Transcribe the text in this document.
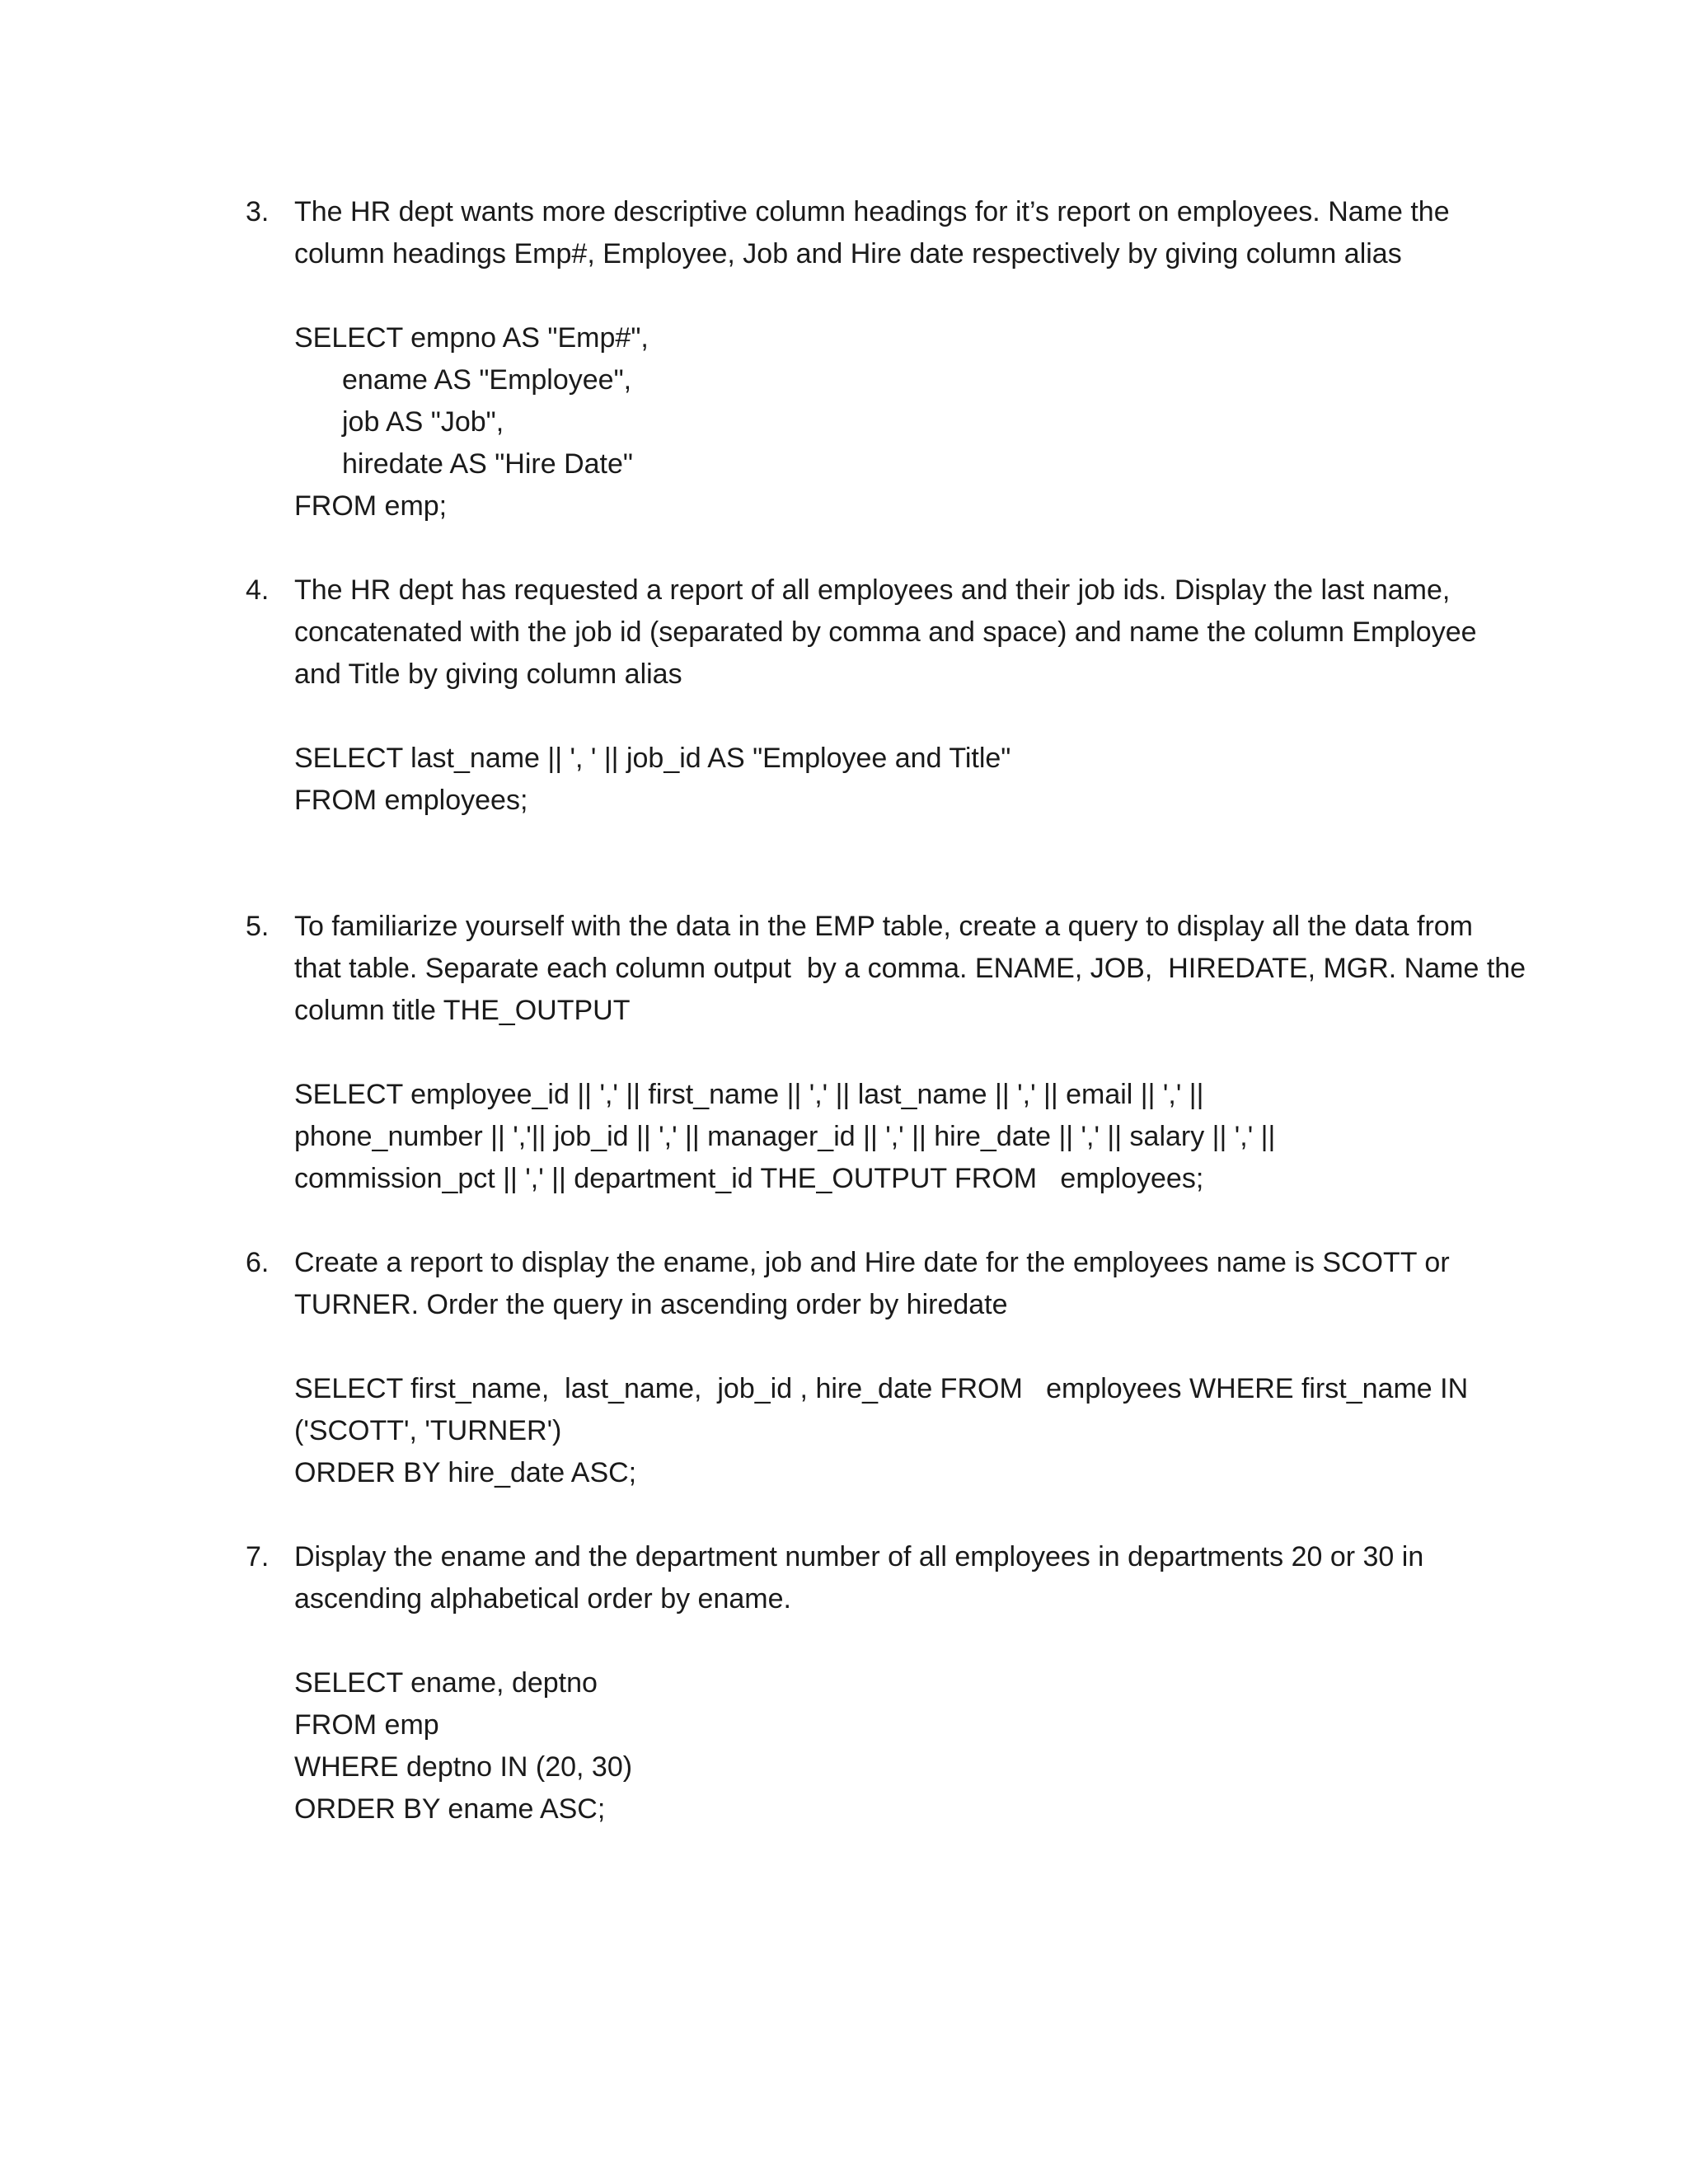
3. The HR dept wants more descriptive column headings for it’s report on employees. Name the
column headings Emp#, Employee, Job and Hire date respectively by giving column alias
SELECT empno AS "Emp#",
ename AS "Employee",
job AS "Job",
hiredate AS "Hire Date"
FROM emp;
4. The HR dept has requested a report of all employees and their job ids. Display the last name,
concatenated with the job id (separated by comma and space) and name the column Employee
and Title by giving column alias
SELECT last_name || ', ' || job_id AS "Employee and Title"
FROM employees;
5. To familiarize yourself with the data in the EMP table, create a query to display all the data from
that table. Separate each column output  by a comma. ENAME, JOB,  HIREDATE, MGR. Name the
column title THE_OUTPUT
SELECT employee_id || ',' || first_name || ',' || last_name || ',' || email || ',' ||
phone_number || ','|| job_id || ',' || manager_id || ',' || hire_date || ',' || salary || ',' ||
commission_pct || ',' || department_id THE_OUTPUT FROM   employees;
6. Create a report to display the ename, job and Hire date for the employees name is SCOTT or
TURNER. Order the query in ascending order by hiredate
SELECT first_name,  last_name,  job_id , hire_date FROM   employees WHERE first_name IN
('SCOTT', 'TURNER')
ORDER BY hire_date ASC;
7. Display the ename and the department number of all employees in departments 20 or 30 in
ascending alphabetical order by ename.
SELECT ename, deptno
FROM emp
WHERE deptno IN (20, 30)
ORDER BY ename ASC;
